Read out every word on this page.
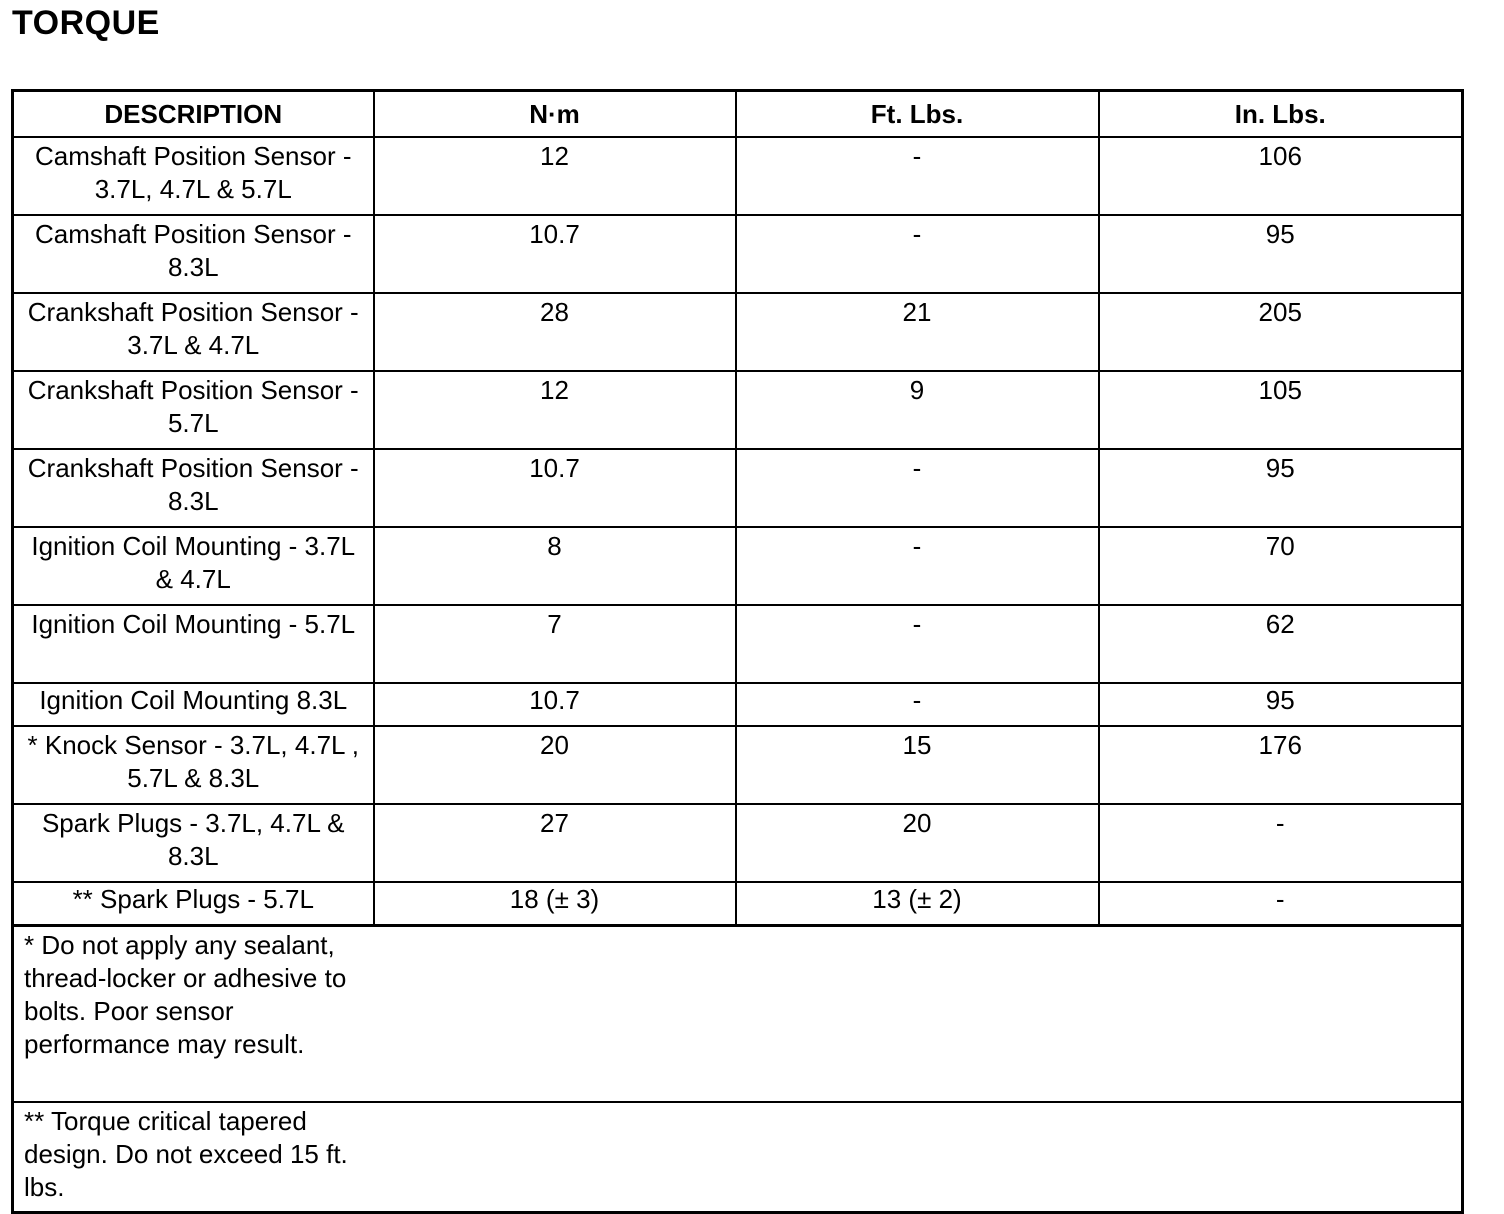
TORQUE
DESCRIPTION	N·m	Ft. Lbs.	In. Lbs.
Camshaft Position Sensor - 3.7L, 4.7L & 5.7L	12	-	106
Camshaft Position Sensor - 8.3L	10.7	-	95
Crankshaft Position Sensor - 3.7L & 4.7L	28	21	205
Crankshaft Position Sensor - 5.7L	12	9	105
Crankshaft Position Sensor - 8.3L	10.7	-	95
Ignition Coil Mounting - 3.7L & 4.7L	8	-	70
Ignition Coil Mounting - 5.7L	7	-	62
Ignition Coil Mounting 8.3L	10.7	-	95
* Knock Sensor - 3.7L, 4.7L , 5.7L & 8.3L	20	15	176
Spark Plugs - 3.7L, 4.7L & 8.3L	27	20	-
** Spark Plugs - 5.7L	18 (± 3)	13 (± 2)	-

* Do not apply any sealant, thread-locker or adhesive to bolts. Poor sensor performance may result.			

** Torque critical tapered design. Do not exceed 15 ft. lbs.			
